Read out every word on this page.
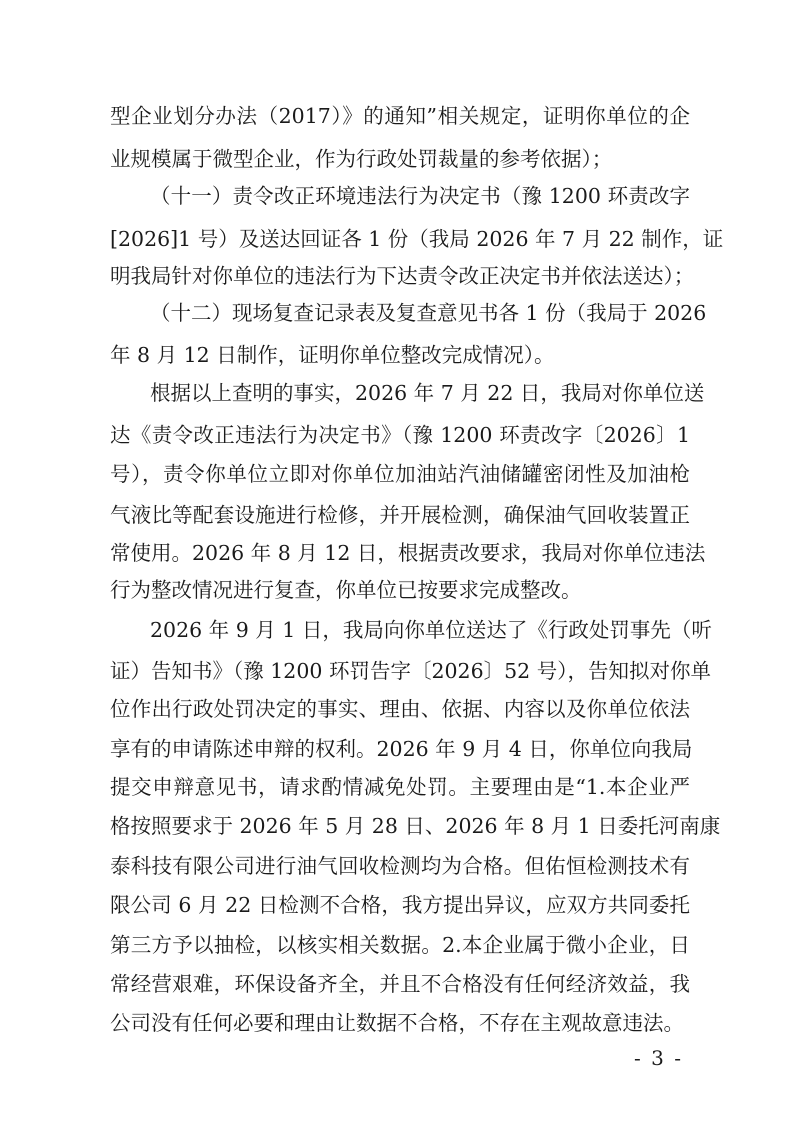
型企业划分办法（2017）》的通知”相关规定，证明你单位的企
业规模属于微型企业，作为行政处罚裁量的参考依据）；
（十一）责令改正环境违法行为决定书（豫 1200 环责改字
[2026]1 号）及送达回证各 1 份（我局 2026 年 7 月 22 制作，证
明我局针对你单位的违法行为下达责令改正决定书并依法送达）；
（十二）现场复查记录表及复查意见书各 1 份（我局于 2026
年 8 月 12 日制作，证明你单位整改完成情况）。
根据以上查明的事实，2026 年 7 月 22 日，我局对你单位送
达《责令改正违法行为决定书》（豫 1200 环责改字〔2026〕1
号），责令你单位立即对你单位加油站汽油储罐密闭性及加油枪
气液比等配套设施进行检修，并开展检测，确保油气回收装置正
常使用。2026 年 8 月 12 日，根据责改要求，我局对你单位违法
行为整改情况进行复查，你单位已按要求完成整改。
2026 年 9 月 1 日，我局向你单位送达了《行政处罚事先（听
证）告知书》（豫 1200 环罚告字〔2026〕52 号），告知拟对你单
位作出行政处罚决定的事实、理由、依据、内容以及你单位依法
享有的申请陈述申辩的权利。2026 年 9 月 4 日，你单位向我局
提交申辩意见书，请求酌情减免处罚。主要理由是“1.本企业严
格按照要求于 2026 年 5 月 28 日、2026 年 8 月 1 日委托河南康
泰科技有限公司进行油气回收检测均为合格。但佑恒检测技术有
限公司 6 月 22 日检测不合格，我方提出异议，应双方共同委托
第三方予以抽检，以核实相关数据。2.本企业属于微小企业，日
常经营艰难，环保设备齐全，并且不合格没有任何经济效益，我
公司没有任何必要和理由让数据不合格，不存在主观故意违法。
- 3 -
